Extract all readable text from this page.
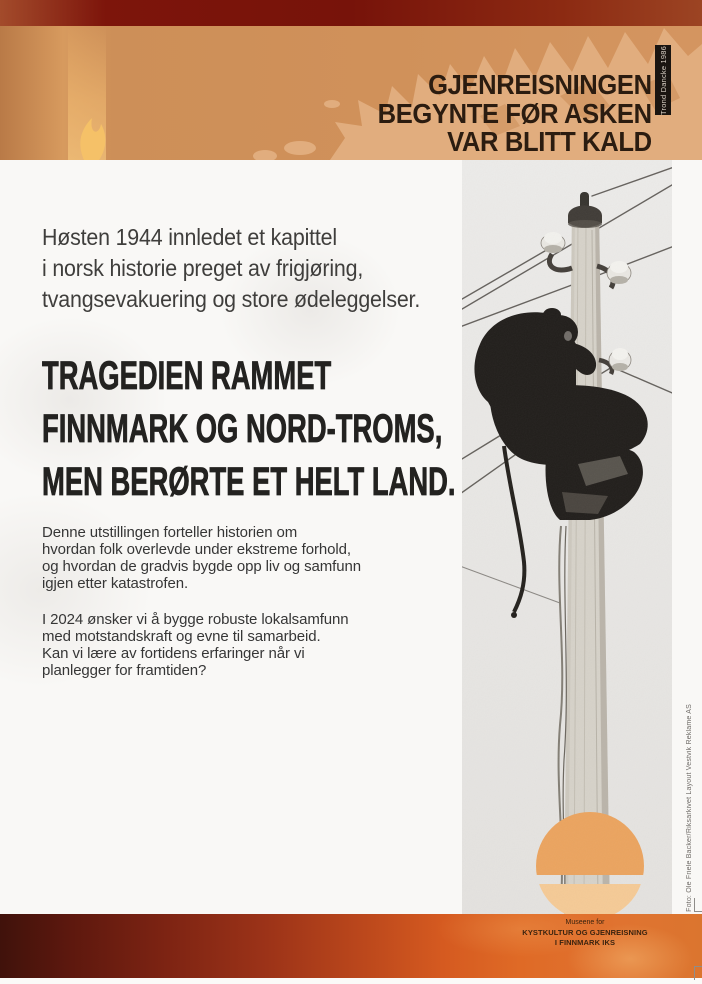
GJENREISNINGEN
BEGYNTE FØR ASKEN
VAR BLITT KALD
Trond Dancke 1986
Høsten 1944 innledet et kapittel
i norsk historie preget av frigjøring,
tvangsevakuering og store ødeleggelser.
TRAGEDIEN RAMMET
FINNMARK OG NORD-TROMS,
MEN BERØRTE ET HELT LAND.

Denne utstillingen forteller historien om
hvordan folk overlevde under ekstreme forhold,
og hvordan de gradvis bygde opp liv og samfunn
igjen etter katastrofen.

I 2024 ønsker vi å bygge robuste lokalsamfunn
med motstandskraft og evne til samarbeid.
Kan vi lære av fortidens erfaringer når vi
planlegger for framtiden?

Foto: Ole Friele Backer/Riksarkivet Layout Vestvik Reklame AS
Museene for
KYSTKULTUR OG GJENREISNING
I FINNMARK IKS
